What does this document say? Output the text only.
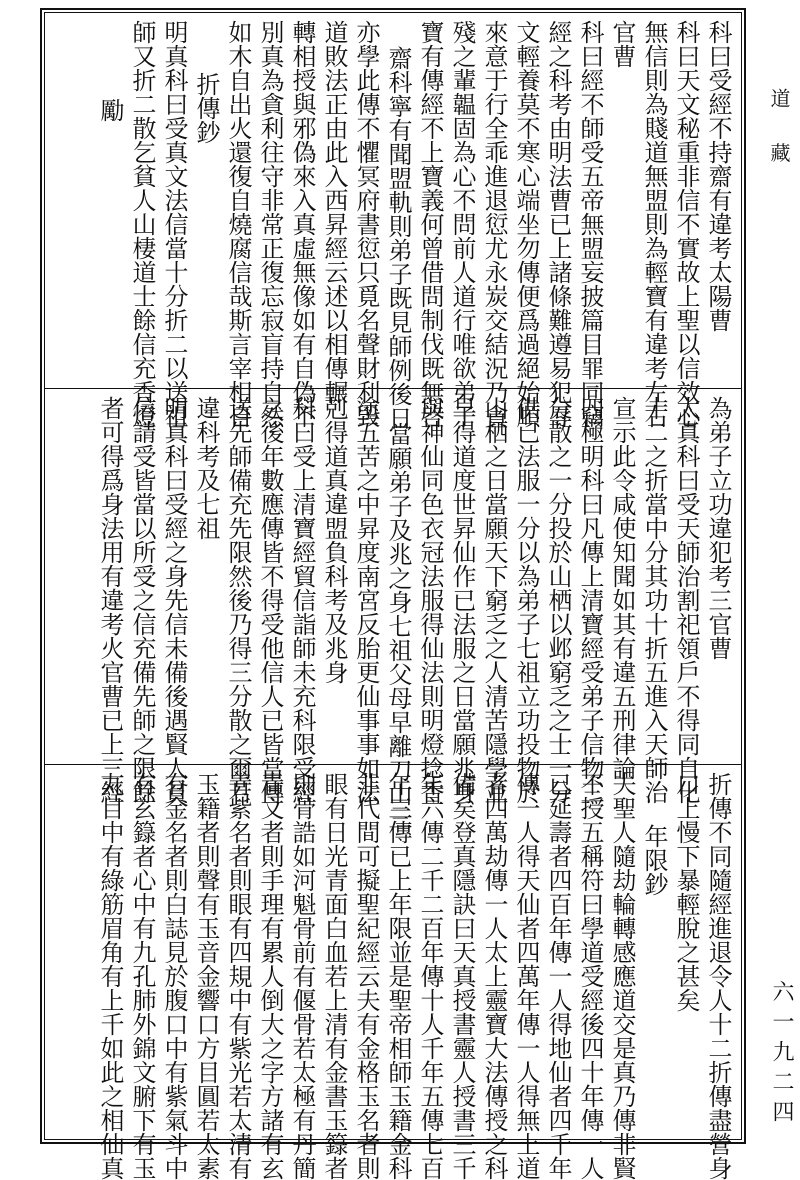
科曰受經不持齋有違考太陽曹
科曰天文秘重非信不實故上聖以信效心
無信則為賤道無盟則為輕寶有違考左右
官曹
科曰經不師受五帝無盟妄披篇目罪同竊
經之科考由明法曹已上諸條難遵易犯辱
文輕養莫不寒心端坐勿傳便爲過絕始順
來意于行全乖進退愆尤永炭交結況乃貪
殘之輩韞固為心不問前人道行唯欲弟子
寶有傳經不上寶義何曾借問制伐既無啓
齋科寧有聞盟軌則弟子既見師例後日
亦學此傳不懼冥府書愆只覓名聲財利毀
道敗法正由此入西昇經云述以相傳輾
轉相授與邪偽來入真虛無像如有自偽不
別真為貪利往守非常正復忘寂盲持自然
如木自出火還復自燒腐信哉斯言宰相自
折傳鈔
明真科曰受真文法信當十分折二以送祖
師又折二散乞貧人山棲道士餘信充香燈
勵
為弟子立功違犯考三官曹
太真科曰受天師治割祀領戶不得同自化
十二之折當中分其功十折五進入天師治
宣示此令咸使知聞如其有違五刑律論
四極明科曰凡傳上清寶經受弟子信物三
分散之一分投於山栖以邺窮乏之士一分
供已法服一分以為弟子七祖立功投物於
山栖之日當願天下窮乏之人清苦隱學並
早得道度世昇仙作已法服之日當願兆身
與神仙同色衣冠法服得仙法則明燈捻香
當願弟子及兆之身七祖父母早離刀山三
塗五苦之中昇度南宮反胎更仙事事如法
剋得道真違盟負科考及兆身
科曰受上清寶經貿信詣師未充科限受經
之後年數應傳皆不得受他信人已皆當傳
送先師備充先限然後乃得三分散之爾若
違科考及七祖
明真科曰受經之身先信未備後遇賢人貧
信請受皆當以所受之信充備先師之限餘
者可得爲身法用有違考火官曹已上三經
折傳不同隨經進退令人十二折傳盡營身
口上慢下暴輕脫之甚矣
年限鈔
夫聖人隨劫輪轉感應道交是真乃傳非賢
不授五稱符曰學道受經後四十年傳一人
已延壽者四百年傳一人得地仙者四千年
傳一人得天仙者四萬年傳一人得無上道
者四萬劫傳一人太上靈寶大法傳授之科
備矣登真隱訣曰天真授書靈人授書三千
年六傳二千二百年傳十人千年五傳七百
年三傳已上年限並是聖帝相師玉籍金科
非代間可擬聖紀經云夫有金格玉名者則
眼有日光青面白血若上清有金書玉籙者
則骨誥如河魁骨前有偃骨若太極有丹簡
青文者則手理有累人倒大之字方諸有玄
青紫名者則眼有四規中有紫光若太清有
玉籍者則聲有玉音金響口方目圓若太素
有金名者則白誌見於腹口中有紫氣斗中
有玄籙者心中有九孔肺外錦文腑下有玉
丸目中有綠筋眉角有上千如此之相仙真
道 藏
六一九二四
